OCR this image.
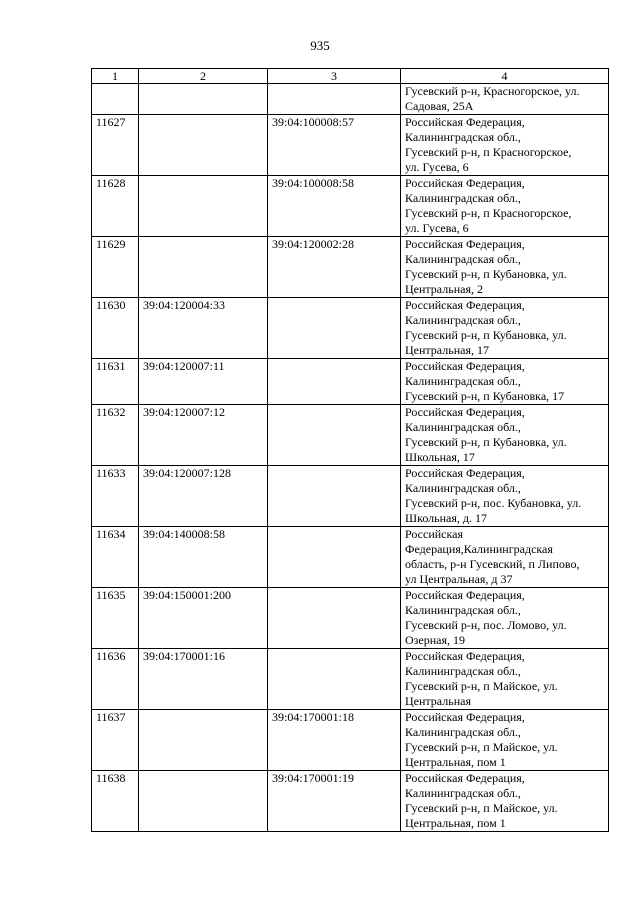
935
1	2	3	4

			Гусевский р-н, Красногорское, ул.
Садовая, 25А

11627		39:04:100008:57	Российская Федерация,
Калининградская обл.,
Гусевский р-н, п Красногорское,
ул. Гусева, 6

11628		39:04:100008:58	Российская Федерация,
Калининградская обл.,
Гусевский р-н, п Красногорское,
ул. Гусева, 6

11629		39:04:120002:28	Российская Федерация,
Калининградская обл.,
Гусевский р-н, п Кубановка, ул.
Центральная, 2

11630	39:04:120004:33		Российская Федерация,
Калининградская обл.,
Гусевский р-н, п Кубановка, ул.
Центральная, 17

11631	39:04:120007:11		Российская Федерация,
Калининградская обл.,
Гусевский р-н, п Кубановка, 17

11632	39:04:120007:12		Российская Федерация,
Калининградская обл.,
Гусевский р-н, п Кубановка, ул.
Школьная, 17

11633	39:04:120007:128		Российская Федерация,
Калининградская обл.,
Гусевский р-н, пос. Кубановка, ул.
Школьная, д. 17

11634	39:04:140008:58		Российская
Федерация,Калининградская
область, р-н Гусевский, п Липово,
ул Центральная, д 37

11635	39:04:150001:200		Российская Федерация,
Калининградская обл.,
Гусевский р-н, пос. Ломово, ул.
Озерная, 19

11636	39:04:170001:16		Российская Федерация,
Калининградская обл.,
Гусевский р-н, п Майское, ул.
Центральная

11637		39:04:170001:18	Российская Федерация,
Калининградская обл.,
Гусевский р-н, п Майское, ул.
Центральная, пом 1

11638		39:04:170001:19	Российская Федерация,
Калининградская обл.,
Гусевский р-н, п Майское, ул.
Центральная, пом 1
